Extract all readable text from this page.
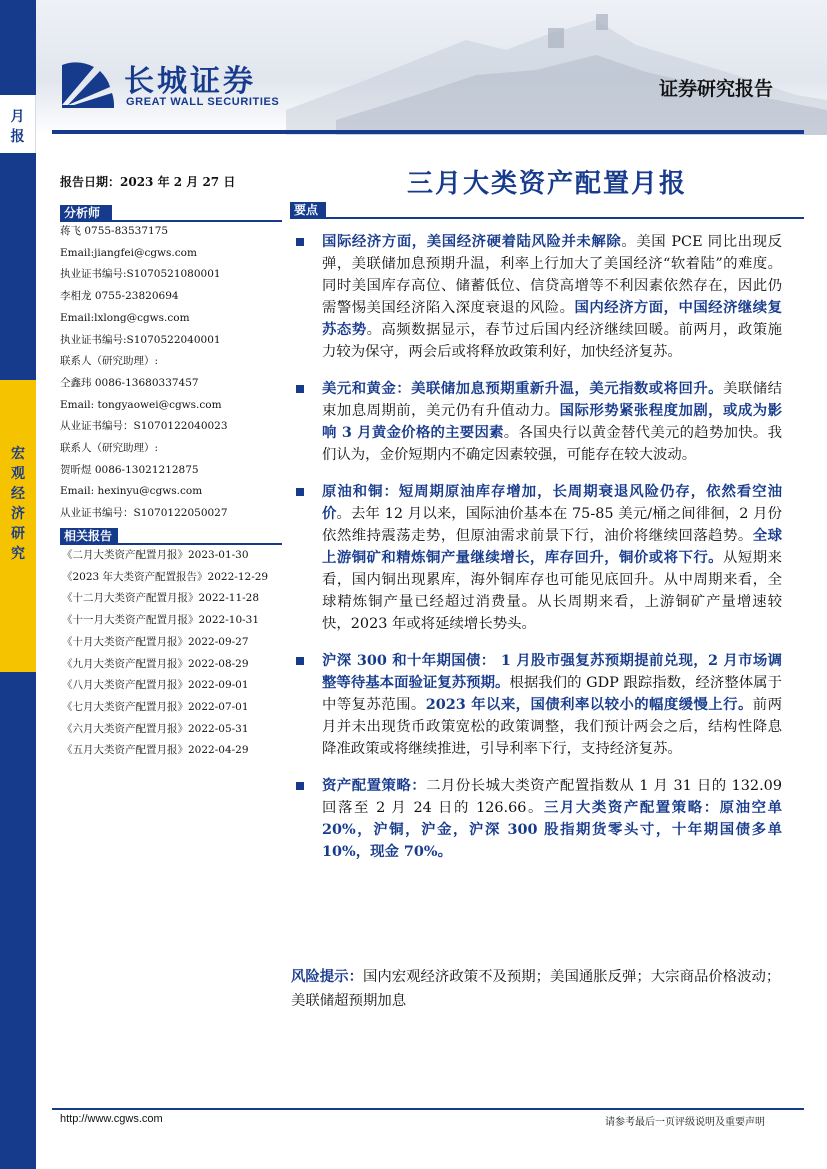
月 报
宏 观 经 济 研 究
长城证券
GREAT WALL SECURITIES
证券研究报告
报告日期：2023 年 2 月 27 日	三月大类资产配置月报
分析师
蒋飞 0755-83537175
Email:jiangfei@cgws.com
执业证书编号:S1070521080001
李相龙 0755-23820694
Email:lxlong@cgws.com
执业证书编号:S1070522040001
联系人（研究助理）:
仝鑫玮 0086-13680337457
Email: tongyaowei@cgws.com
从业证书编号：S1070122040023
联系人（研究助理）:
贺昕煜 0086-13021212875
Email: hexinyu@cgws.com
从业证书编号：S1070122050027
相关报告
《二月大类资产配置月报》2023-01-30
《2023 年大类资产配置报告》2022-12-29
《十二月大类资产配置月报》2022-11-28
《十一月大类资产配置月报》2022-10-31
《十月大类资产配置月报》2022-09-27
《九月大类资产配置月报》2022-08-29
《八月大类资产配置月报》2022-09-01
《七月大类资产配置月报》2022-07-01
《六月大类资产配置月报》2022-05-31
《五月大类资产配置月报》2022-04-29
要点
国际经济方面，美国经济硬着陆风险并未解除。美国 PCE 同比出现反弹，美联储加息预期升温，利率上行加大了美国经济“软着陆”的难度。同时美国库存高位、储蓄低位、信贷高增等不利因素依然存在，因此仍需警惕美国经济陷入深度衰退的风险。国内经济方面，中国经济继续复苏态势。高频数据显示，春节过后国内经济继续回暖。前两月，政策施力较为保守，两会后或将释放政策利好，加快经济复苏。
美元和黄金：美联储加息预期重新升温，美元指数或将回升。美联储结束加息周期前，美元仍有升值动力。国际形势紧张程度加剧，或成为影响 3 月黄金价格的主要因素。各国央行以黄金替代美元的趋势加快。我们认为，金价短期内不确定因素较强，可能存在较大波动。
原油和铜：短周期原油库存增加，长周期衰退风险仍存，依然看空油价。去年 12 月以来，国际油价基本在 75-85 美元/桶之间徘徊，2 月份依然维持震荡走势，但原油需求前景下行，油价将继续回落趋势。全球上游铜矿和精炼铜产量继续增长，库存回升，铜价或将下行。从短期来看，国内铜出现累库，海外铜库存也可能见底回升。从中周期来看，全球精炼铜产量已经超过消费量。从长周期来看，上游铜矿产量增速较快，2023 年或将延续增长势头。
沪深 300 和十年期国债： 1 月股市强复苏预期提前兑现，2 月市场调整等待基本面验证复苏预期。根据我们的 GDP 跟踪指数，经济整体属于中等复苏范围。2023 年以来，国债利率以较小的幅度缓慢上行。前两月并未出现货币政策宽松的政策调整，我们预计两会之后，结构性降息降准政策或将继续推进，引导利率下行，支持经济复苏。
资产配置策略：二月份长城大类资产配置指数从 1 月 31 日的 132.09 回落至 2 月 24 日的 126.66。三月大类资产配置策略：原油空单 20%，沪铜，沪金，沪深 300 股指期货零头寸，十年期国债多单 10%，现金 70%。
风险提示：国内宏观经济政策不及预期；美国通胀反弹；大宗商品价格波动；美联储超预期加息
http://www.cgws.com	请参考最后一页评级说明及重要声明
